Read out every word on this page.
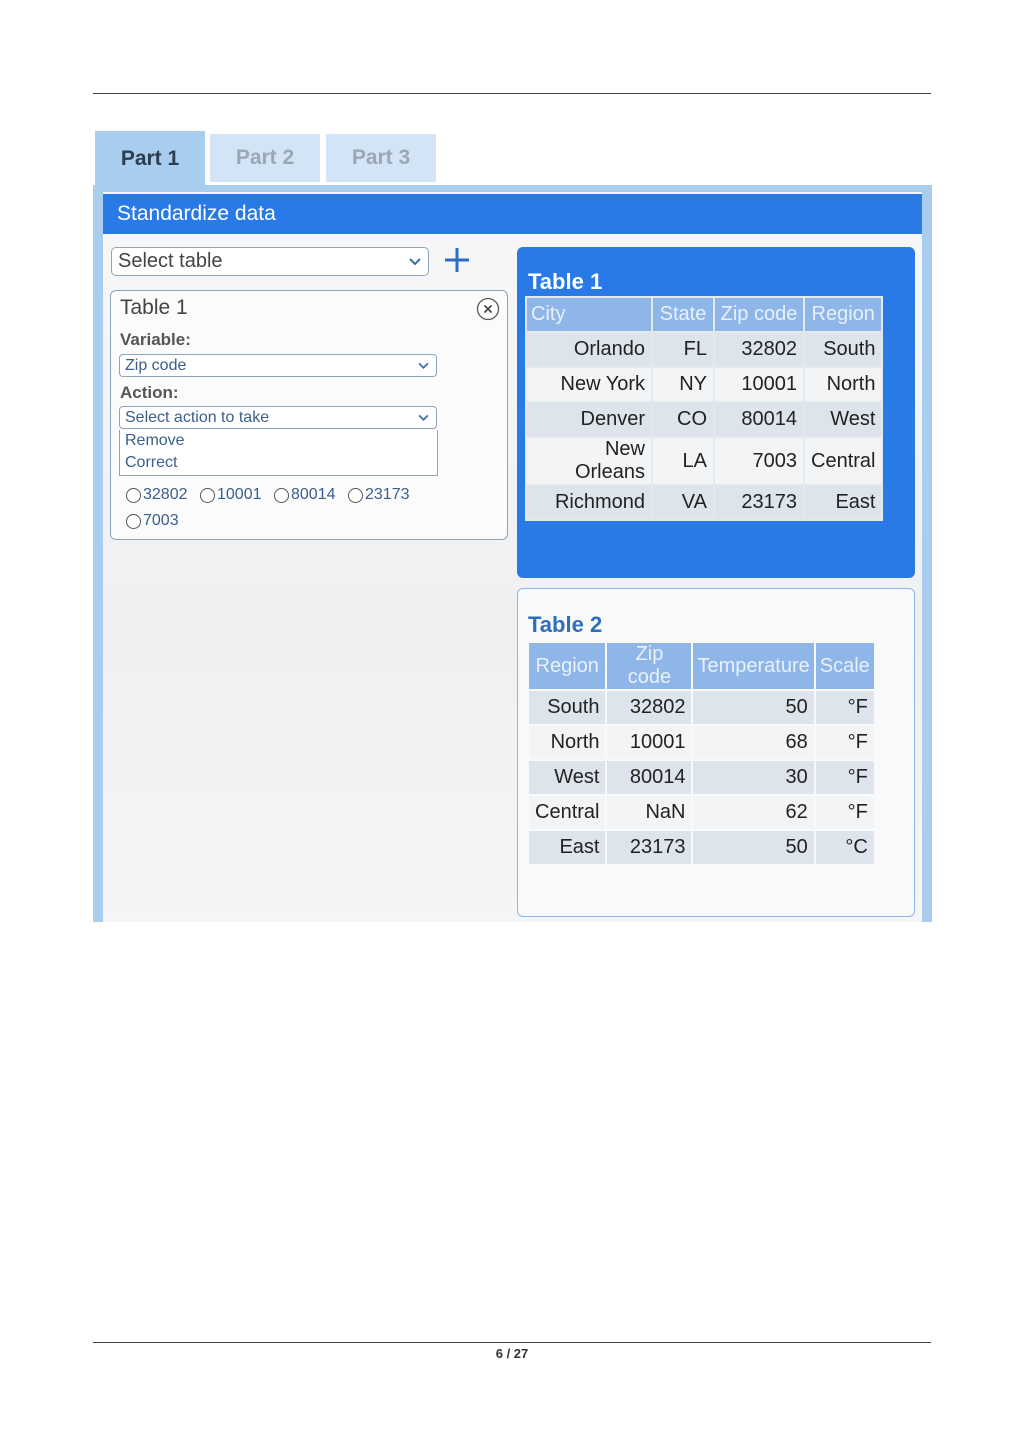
Part 1	Part 2	Part 3
Standardize data
Select table
Table 1
Variable:
Zip code
Action:
Select action to take
Remove
Correct
32802 10001 80014 23173
7003
Table 1
City	State	Zip code	Region
Orlando	FL	32802	South
New York	NY	10001	North
Denver	CO	80014	West
New Orleans	LA	7003	Central
Richmond	VA	23173	East
Table 2
Region	Zip code	Temperature	Scale
South	32802	50	°F
North	10001	68	°F
West	80014	30	°F
Central	NaN	62	°F
East	23173	50	°C
6 / 27
